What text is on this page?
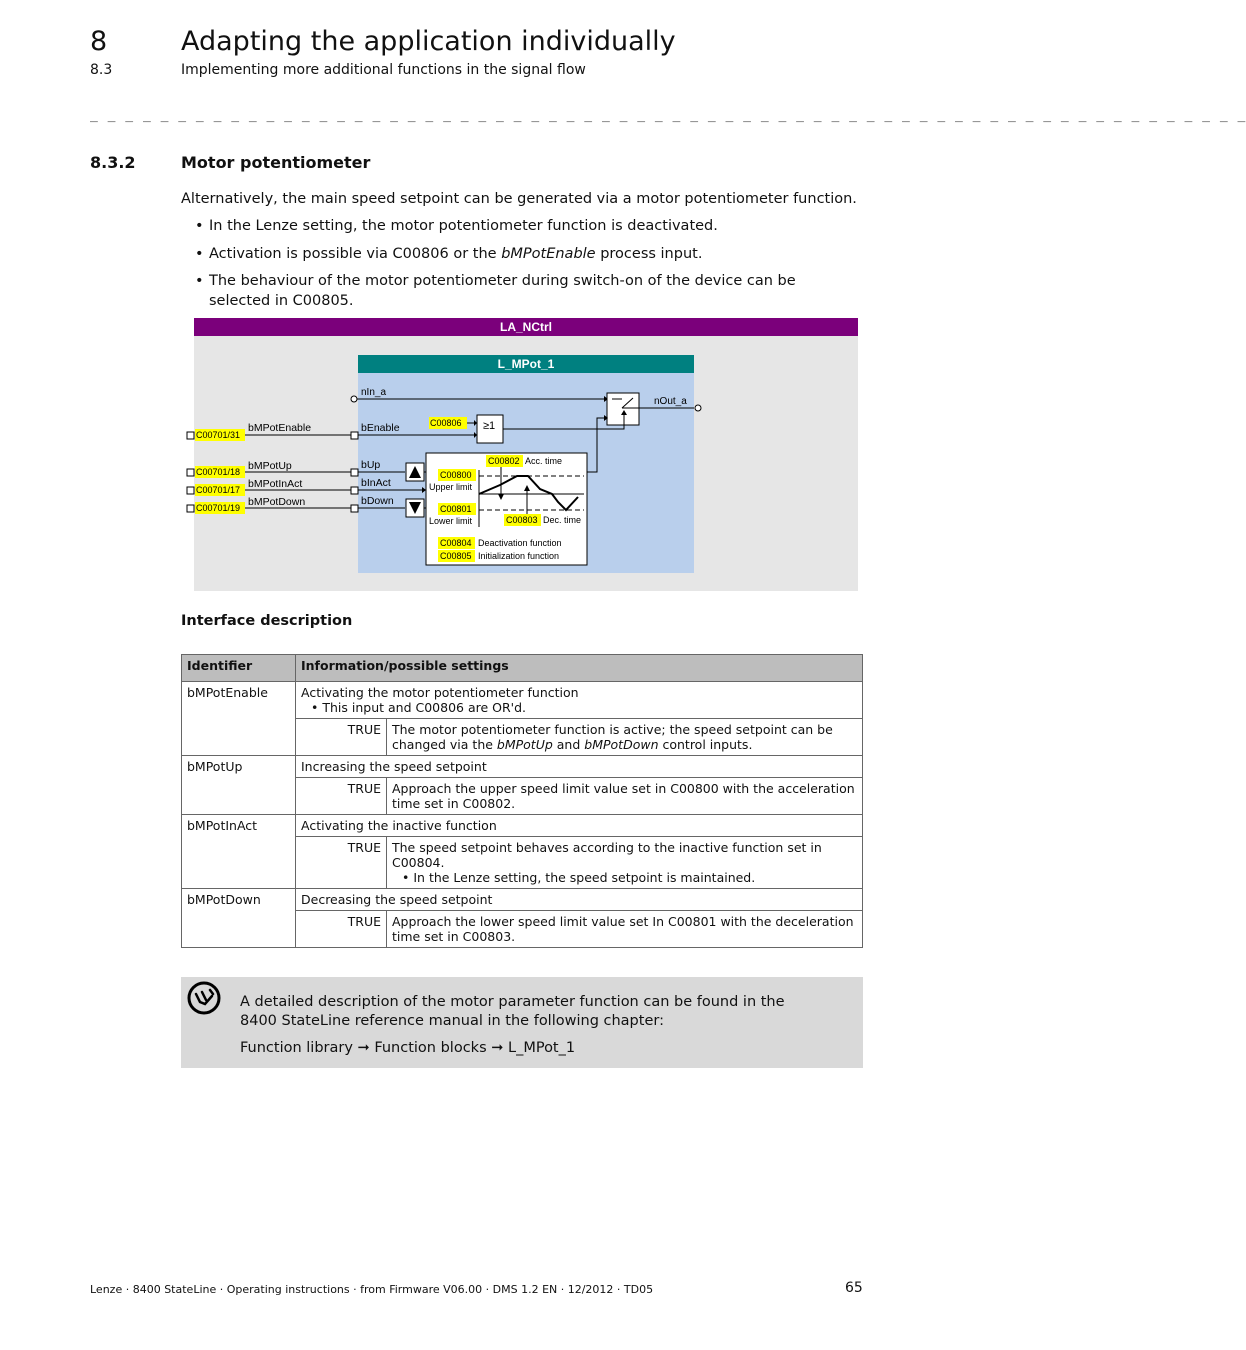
8	Adapting the application individually
8.3	Implementing more additional functions in the signal flow
_ _ _ _ _ _ _ _ _ _ _ _ _ _ _ _ _ _ _ _ _ _ _ _ _ _ _ _ _ _ _ _ _ _ _ _ _ _ _ _ _ _ _ _ _ _ _ _ _ _ _ _ _ _ _ _ _ _ _ _ _ _ _ _ _ _
8.3.2	Motor potentiometer
Alternatively, the main speed setpoint can be generated via a motor potentiometer function.
• In the Lenze setting, the motor potentiometer function is deactivated.
• Activation is possible via C00806 or the bMPotEnable process input.
• The behaviour of the motor potentiometer during switch-on of the device can be selected in C00805.
LA_NCtrl
L_MPot_1
nIn_a
nOut_a
≥1
C00806
C00701/31
bMPotEnable	bEnable
C00701/18 bMPotUp	bUp
C00701/17 bMPotInAct	bInAct
C00701/19 bMPotDown	bDown
C00802 Acc. time
C00800
Upper limit
C00801
Lower limit	C00803 Dec. time
C00804 Deactivation function
C00805 Initialization function
Interface description
Identifier	Information/possible settings	
bMPotEnable	Activating the motor potentiometer function
• This input and C00806 are OR'd.	
	TRUE	The motor potentiometer function is active; the speed setpoint can be changed via the bMPotUp and bMPotDown control inputs.
bMPotUp	Increasing the speed setpoint	
	TRUE	Approach the upper speed limit value set in C00800 with the acceleration time set in C00802.
bMPotInAct	Activating the inactive function	
	TRUE	The speed setpoint behaves according to the inactive function set in C00804.
• In the Lenze setting, the speed setpoint is maintained.
bMPotDown	Decreasing the speed setpoint	
	TRUE	Approach the lower speed limit value set In C00801 with the deceleration time set in C00803.
A detailed description of the motor parameter function can be found in the
8400 StateLine reference manual in the following chapter:
Function library ➞ Function blocks ➞ L_MPot_1
Lenze · 8400 StateLine · Operating instructions · from Firmware V06.00 · DMS 1.2 EN · 12/2012 · TD05	65
